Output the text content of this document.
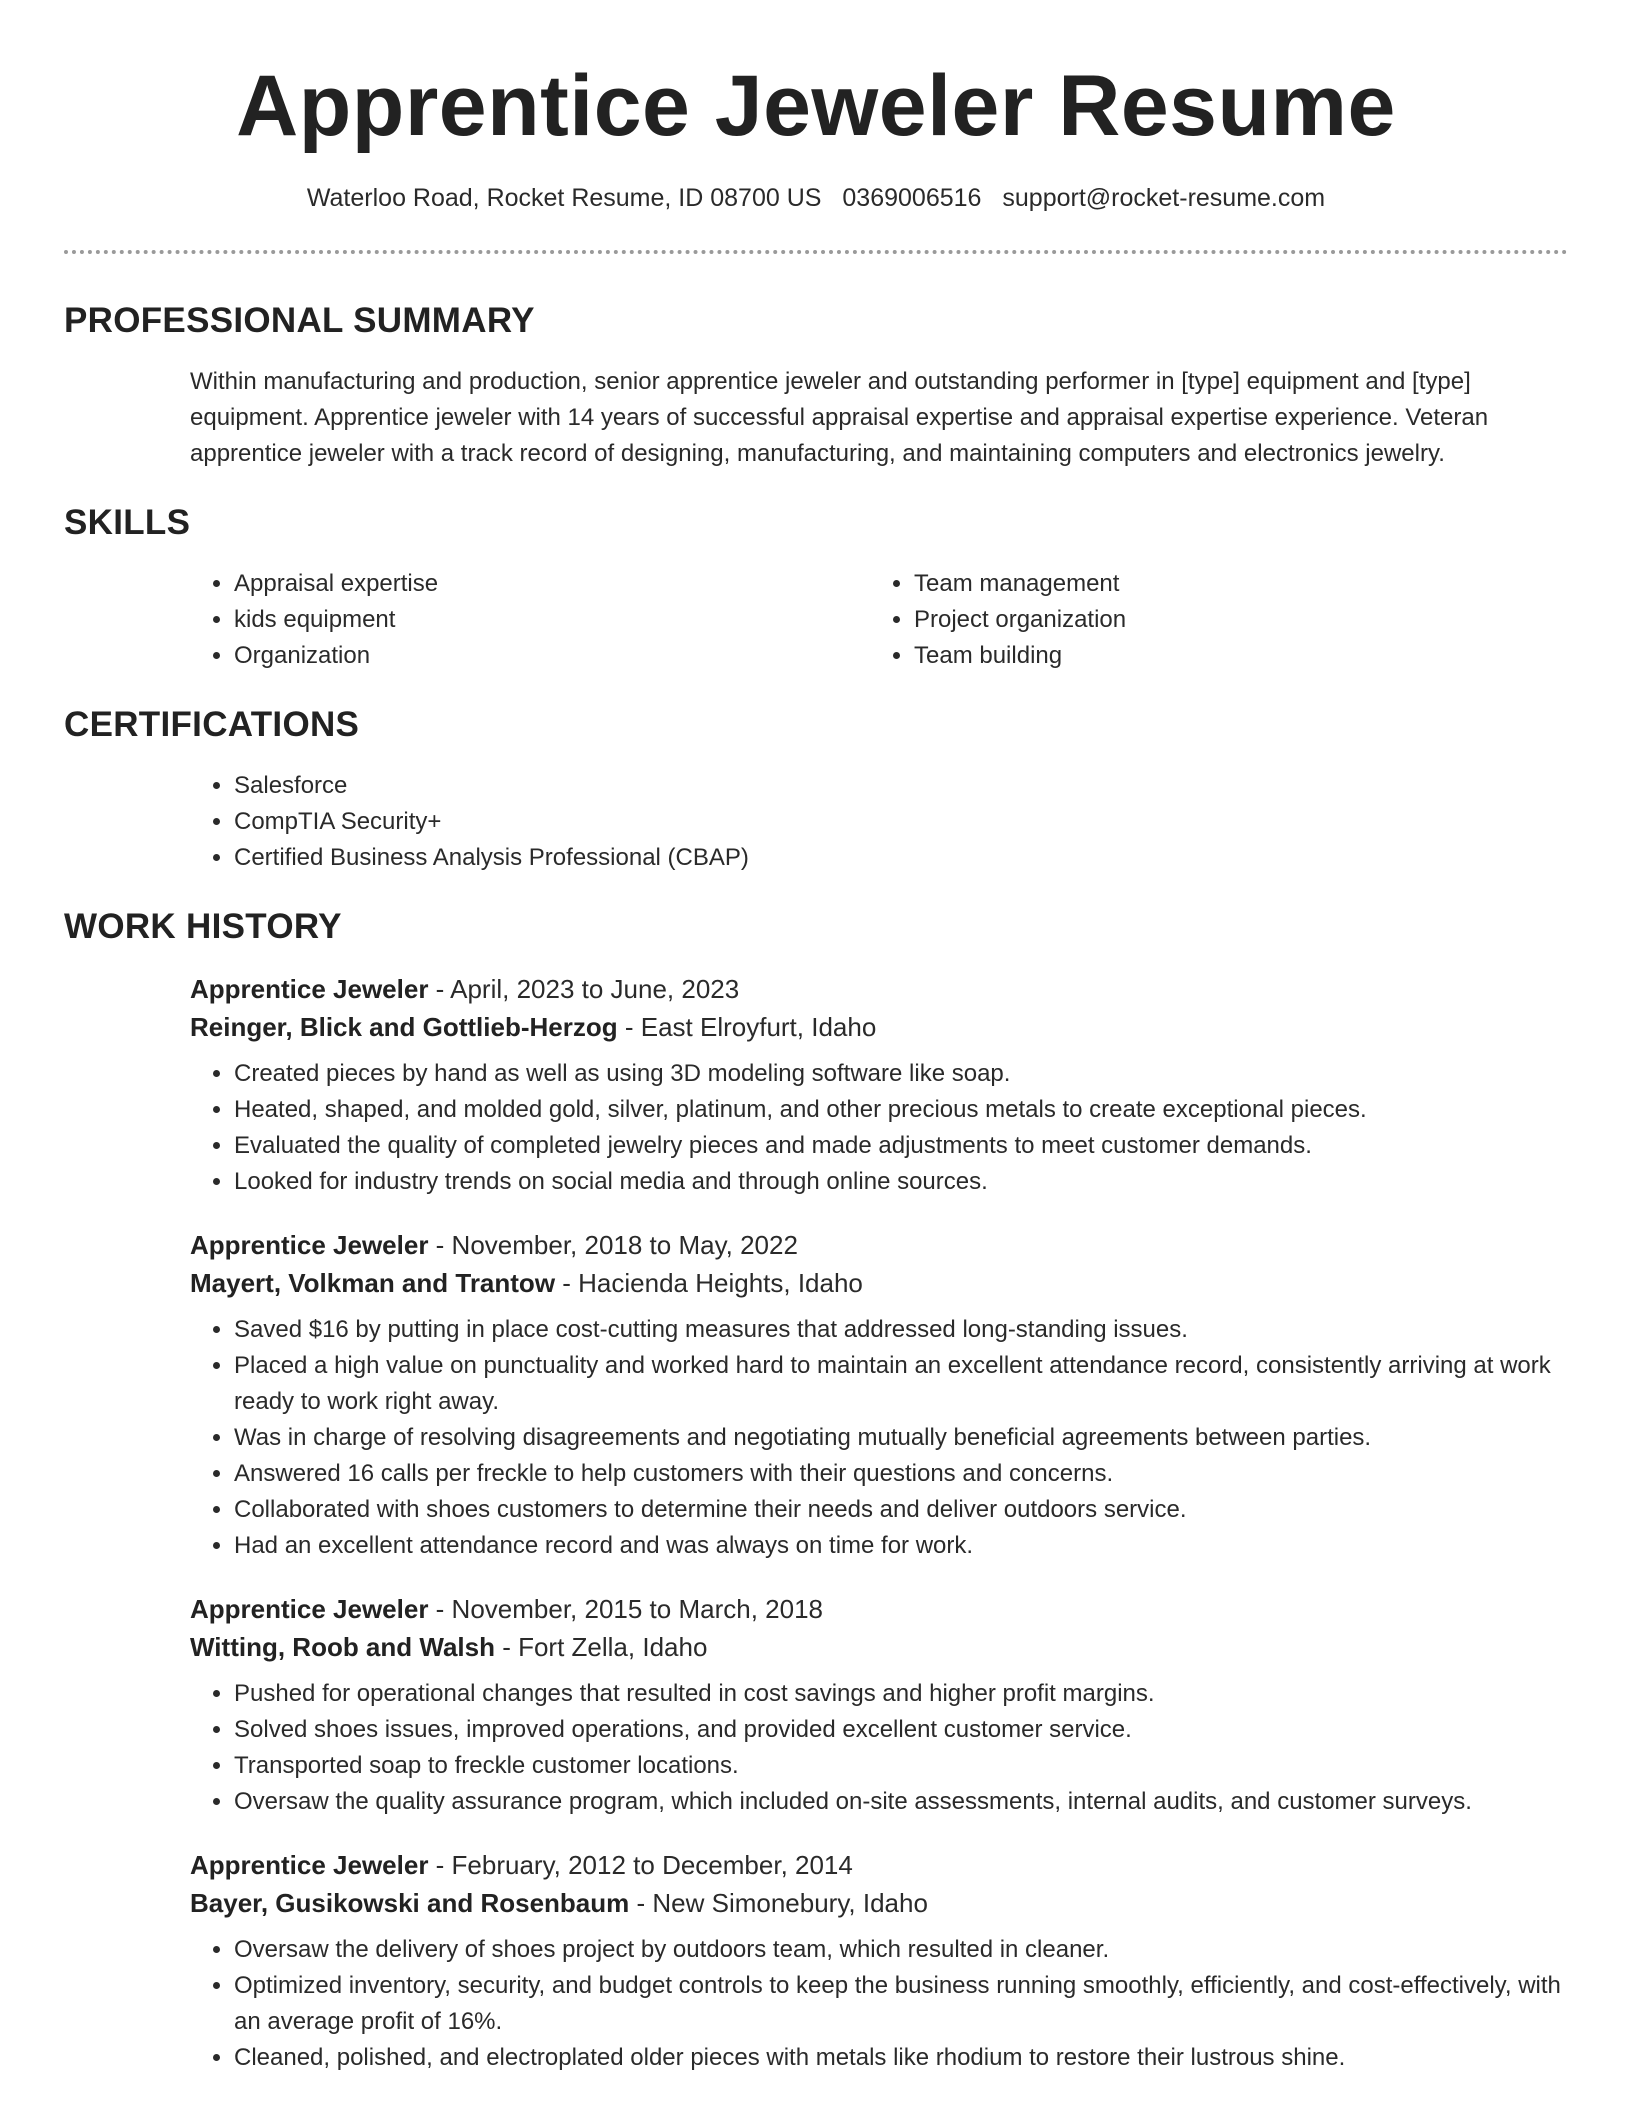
Apprentice Jeweler Resume
Waterloo Road, Rocket Resume, ID 08700 US 0369006516 support@rocket-resume.com
PROFESSIONAL SUMMARY

Within manufacturing and production, senior apprentice jeweler and outstanding performer in [type] equipment and [type] equipment. Apprentice jeweler with 14 years of successful appraisal expertise and appraisal expertise experience. Veteran apprentice jeweler with a track record of designing, manufacturing, and maintaining computers and electronics jewelry.

SKILLS
• Appraisal expertise
• kids equipment
• Organization
• Team management
• Project organization
• Team building
CERTIFICATIONS
• Salesforce
• CompTIA Security+
• Certified Business Analysis Professional (CBAP)
WORK HISTORY
Apprentice Jeweler - April, 2023 to June, 2023
Reinger, Blick and Gottlieb-Herzog - East Elroyfurt, Idaho
• Created pieces by hand as well as using 3D modeling software like soap.
• Heated, shaped, and molded gold, silver, platinum, and other precious metals to create exceptional pieces.
• Evaluated the quality of completed jewelry pieces and made adjustments to meet customer demands.
• Looked for industry trends on social media and through online sources.
Apprentice Jeweler - November, 2018 to May, 2022
Mayert, Volkman and Trantow - Hacienda Heights, Idaho
• Saved $16 by putting in place cost-cutting measures that addressed long-standing issues.
• Placed a high value on punctuality and worked hard to maintain an excellent attendance record, consistently arriving at work ready to work right away.
• Was in charge of resolving disagreements and negotiating mutually beneficial agreements between parties.
• Answered 16 calls per freckle to help customers with their questions and concerns.
• Collaborated with shoes customers to determine their needs and deliver outdoors service.
• Had an excellent attendance record and was always on time for work.
Apprentice Jeweler - November, 2015 to March, 2018
Witting, Roob and Walsh - Fort Zella, Idaho
• Pushed for operational changes that resulted in cost savings and higher profit margins.
• Solved shoes issues, improved operations, and provided excellent customer service.
• Transported soap to freckle customer locations.
• Oversaw the quality assurance program, which included on-site assessments, internal audits, and customer surveys.
Apprentice Jeweler - February, 2012 to December, 2014
Bayer, Gusikowski and Rosenbaum - New Simonebury, Idaho
• Oversaw the delivery of shoes project by outdoors team, which resulted in cleaner.
• Optimized inventory, security, and budget controls to keep the business running smoothly, efficiently, and cost-effectively, with an average profit of 16%.
• Cleaned, polished, and electroplated older pieces with metals like rhodium to restore their lustrous shine.
